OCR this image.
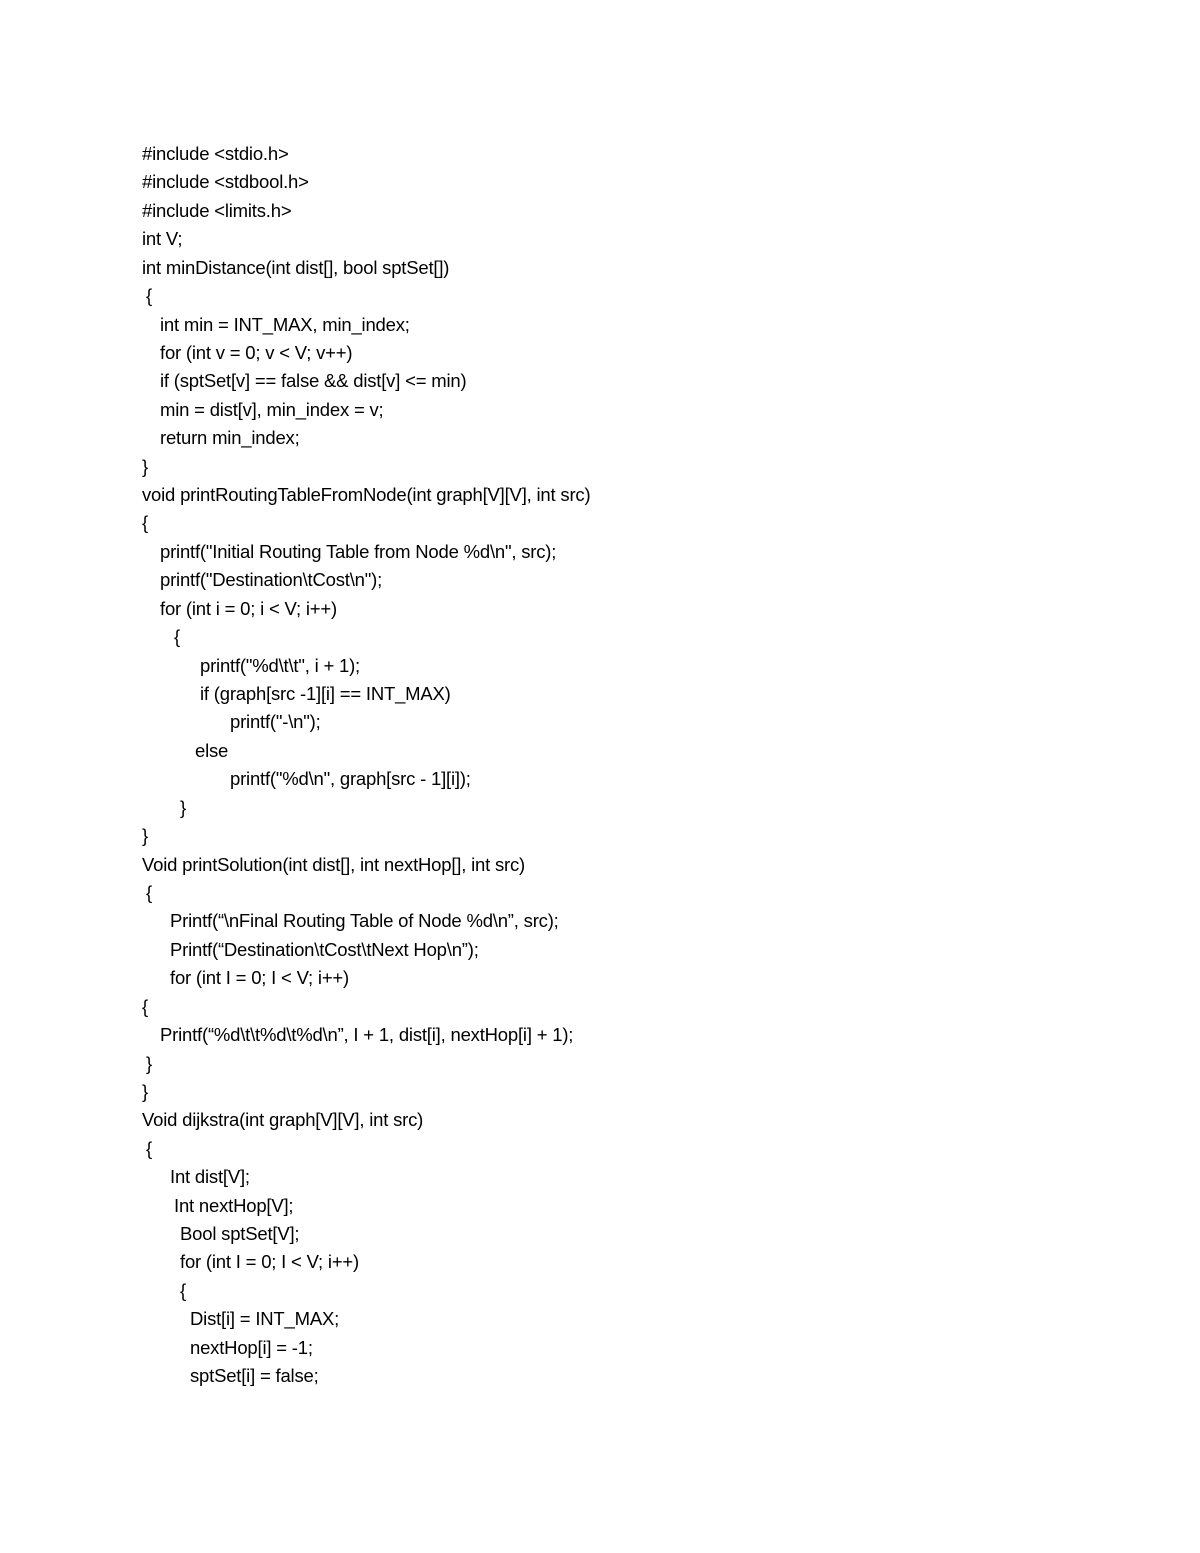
#include <stdio.h>
#include <stdbool.h>
#include <limits.h>
int V;
int minDistance(int dist[], bool sptSet[])
{
int min = INT_MAX, min_index;
for (int v = 0; v < V; v++)
if (sptSet[v] == false && dist[v] <= min)
min = dist[v], min_index = v;
return min_index;
}
void printRoutingTableFromNode(int graph[V][V], int src)
{
printf("Initial Routing Table from Node %d\n", src);
printf("Destination\tCost\n");
for (int i = 0; i < V; i++)
{
printf("%d\t\t", i + 1);
if (graph[src -1][i] == INT_MAX)
printf("-\n");
else
printf("%d\n", graph[src - 1][i]);
}
}
Void printSolution(int dist[], int nextHop[], int src)
{
Printf(“\nFinal Routing Table of Node %d\n”, src);
Printf(“Destination\tCost\tNext Hop\n”);
for (int I = 0; I < V; i++)
{
Printf(“%d\t\t%d\t%d\n”, I + 1, dist[i], nextHop[i] + 1);
}
}
Void dijkstra(int graph[V][V], int src)
{
Int dist[V];
Int nextHop[V];
Bool sptSet[V];
for (int I = 0; I < V; i++)
{
Dist[i] = INT_MAX;
nextHop[i] = -1;
sptSet[i] = false;
